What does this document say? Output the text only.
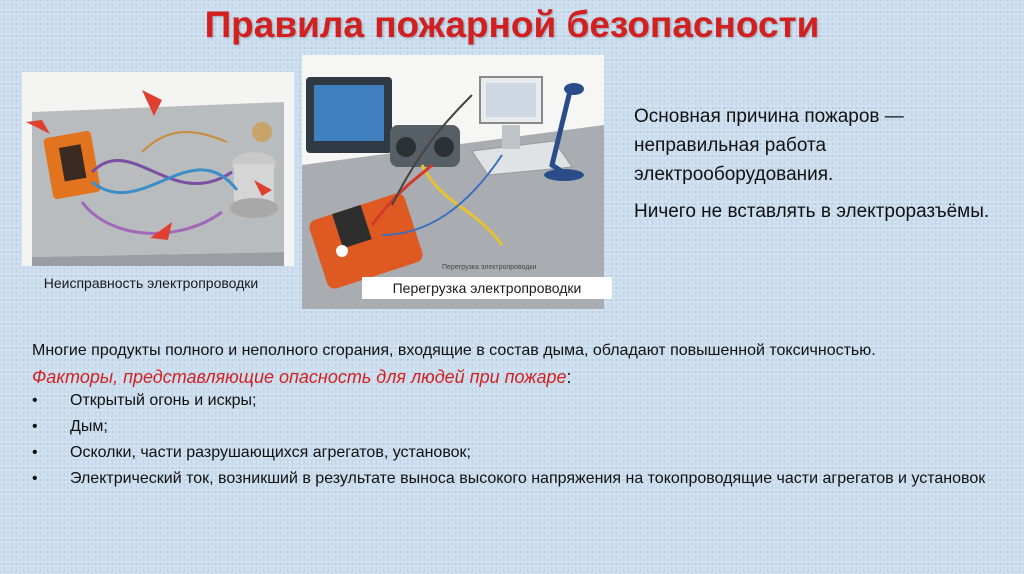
Правила пожарной безопасности
Неисправность электропроводки
Перегрузка электропроводки
Перегрузка электропроводки

Основная причина пожаров — неправильная работа электрооборудования.

Ничего не вставлять в электроразъёмы.

Многие продукты полного и неполного сгорания, входящие в состав дыма, обладают повышенной токсичностью.

Факторы, представляющие опасность для людей при пожаре:

• Открытый огонь и искры;
• Дым;
• Осколки, части разрушающихся агрегатов, установок;
• Электрический ток, возникший в результате выноса высокого напряжения на токопроводящие части агрегатов и установок
